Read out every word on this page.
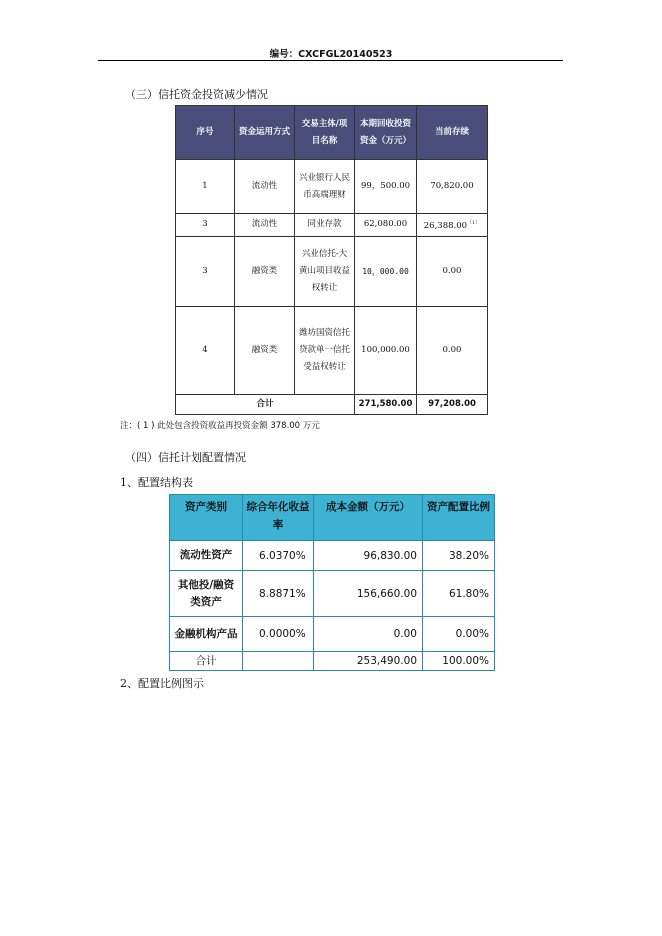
编号：CXCFGL20140523
（三）信托资金投资减少情况
序号	资金运用方式	交易主体/项目名称	本期回收投资资金（万元）	当前存续
1	流动性	兴业银行人民币高端理财	99，500.00	70,820.00
3	流动性	同业存款	62,080.00	26,388.00$^{(1)}$
3	融资类	兴业信托-大黄山项目收益权转让	10，000.00	0.00
4	融资类	潍坊国资信托贷款单一信托受益权转让	100,000.00	0.00
合计			271,580.00	97,208.00
注：( 1 ) 此处包含投资收益再投资金额 378.00 万元
（四）信托计划配置情况
1、配置结构表
资产类别	综合年化收益率	成本金额（万元）	资产配置比例
流动性资产	6.0370%	96,830.00	38.20%
其他投/融资类资产	8.8871%	156,660.00	61.80%
金融机构产品	0.0000%	0.00	0.00%
合计		253,490.00	100.00%
2、配置比例图示
